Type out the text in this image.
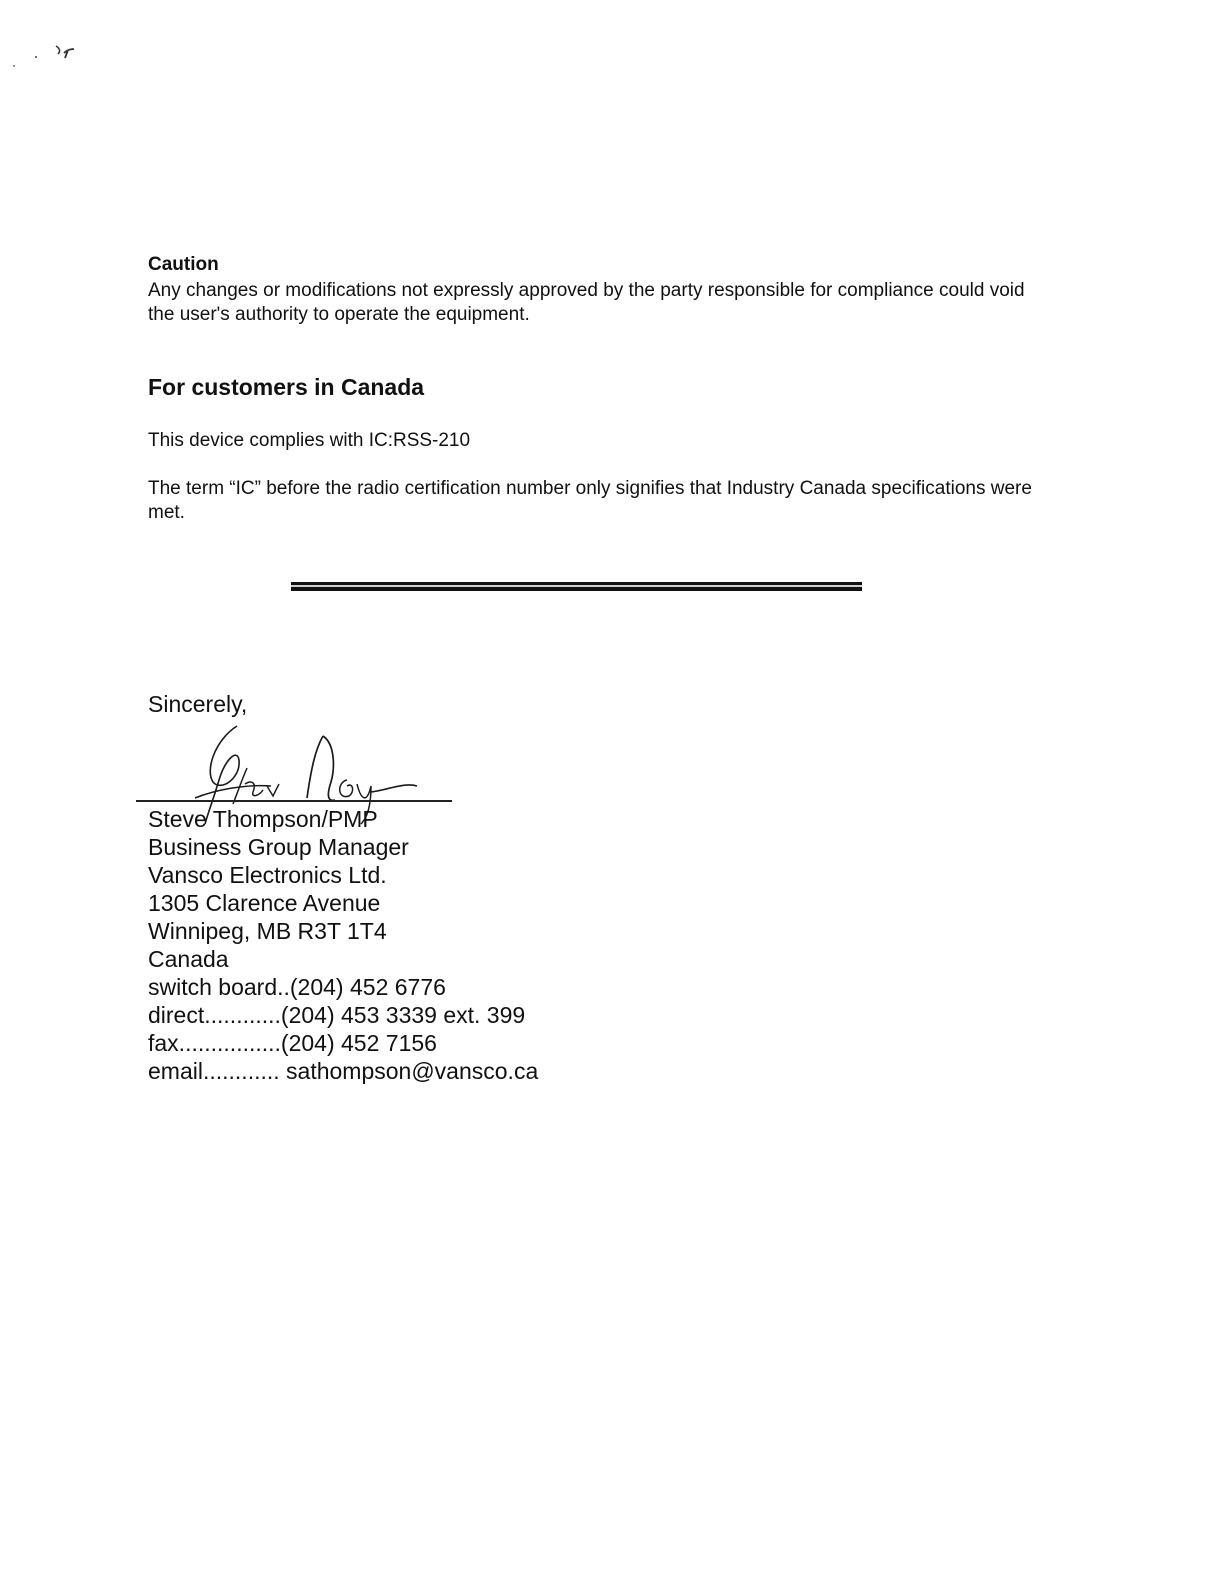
Caution

Any changes or modifications not expressly approved by the party responsible for compliance could void the user's authority to operate the equipment.

For customers in Canada

This device complies with IC:RSS-210

The term “IC” before the radio certification number only signifies that Industry Canada specifications were met.

Sincerely,

Steve Thompson/PMP
Business Group Manager
Vansco Electronics Ltd.
1305 Clarence Avenue
Winnipeg, MB R3T 1T4
Canada
switch board..(204) 452 6776
direct............(204) 453 3339 ext. 399
fax................(204) 452 7156
email............ sathompson@vansco.ca
